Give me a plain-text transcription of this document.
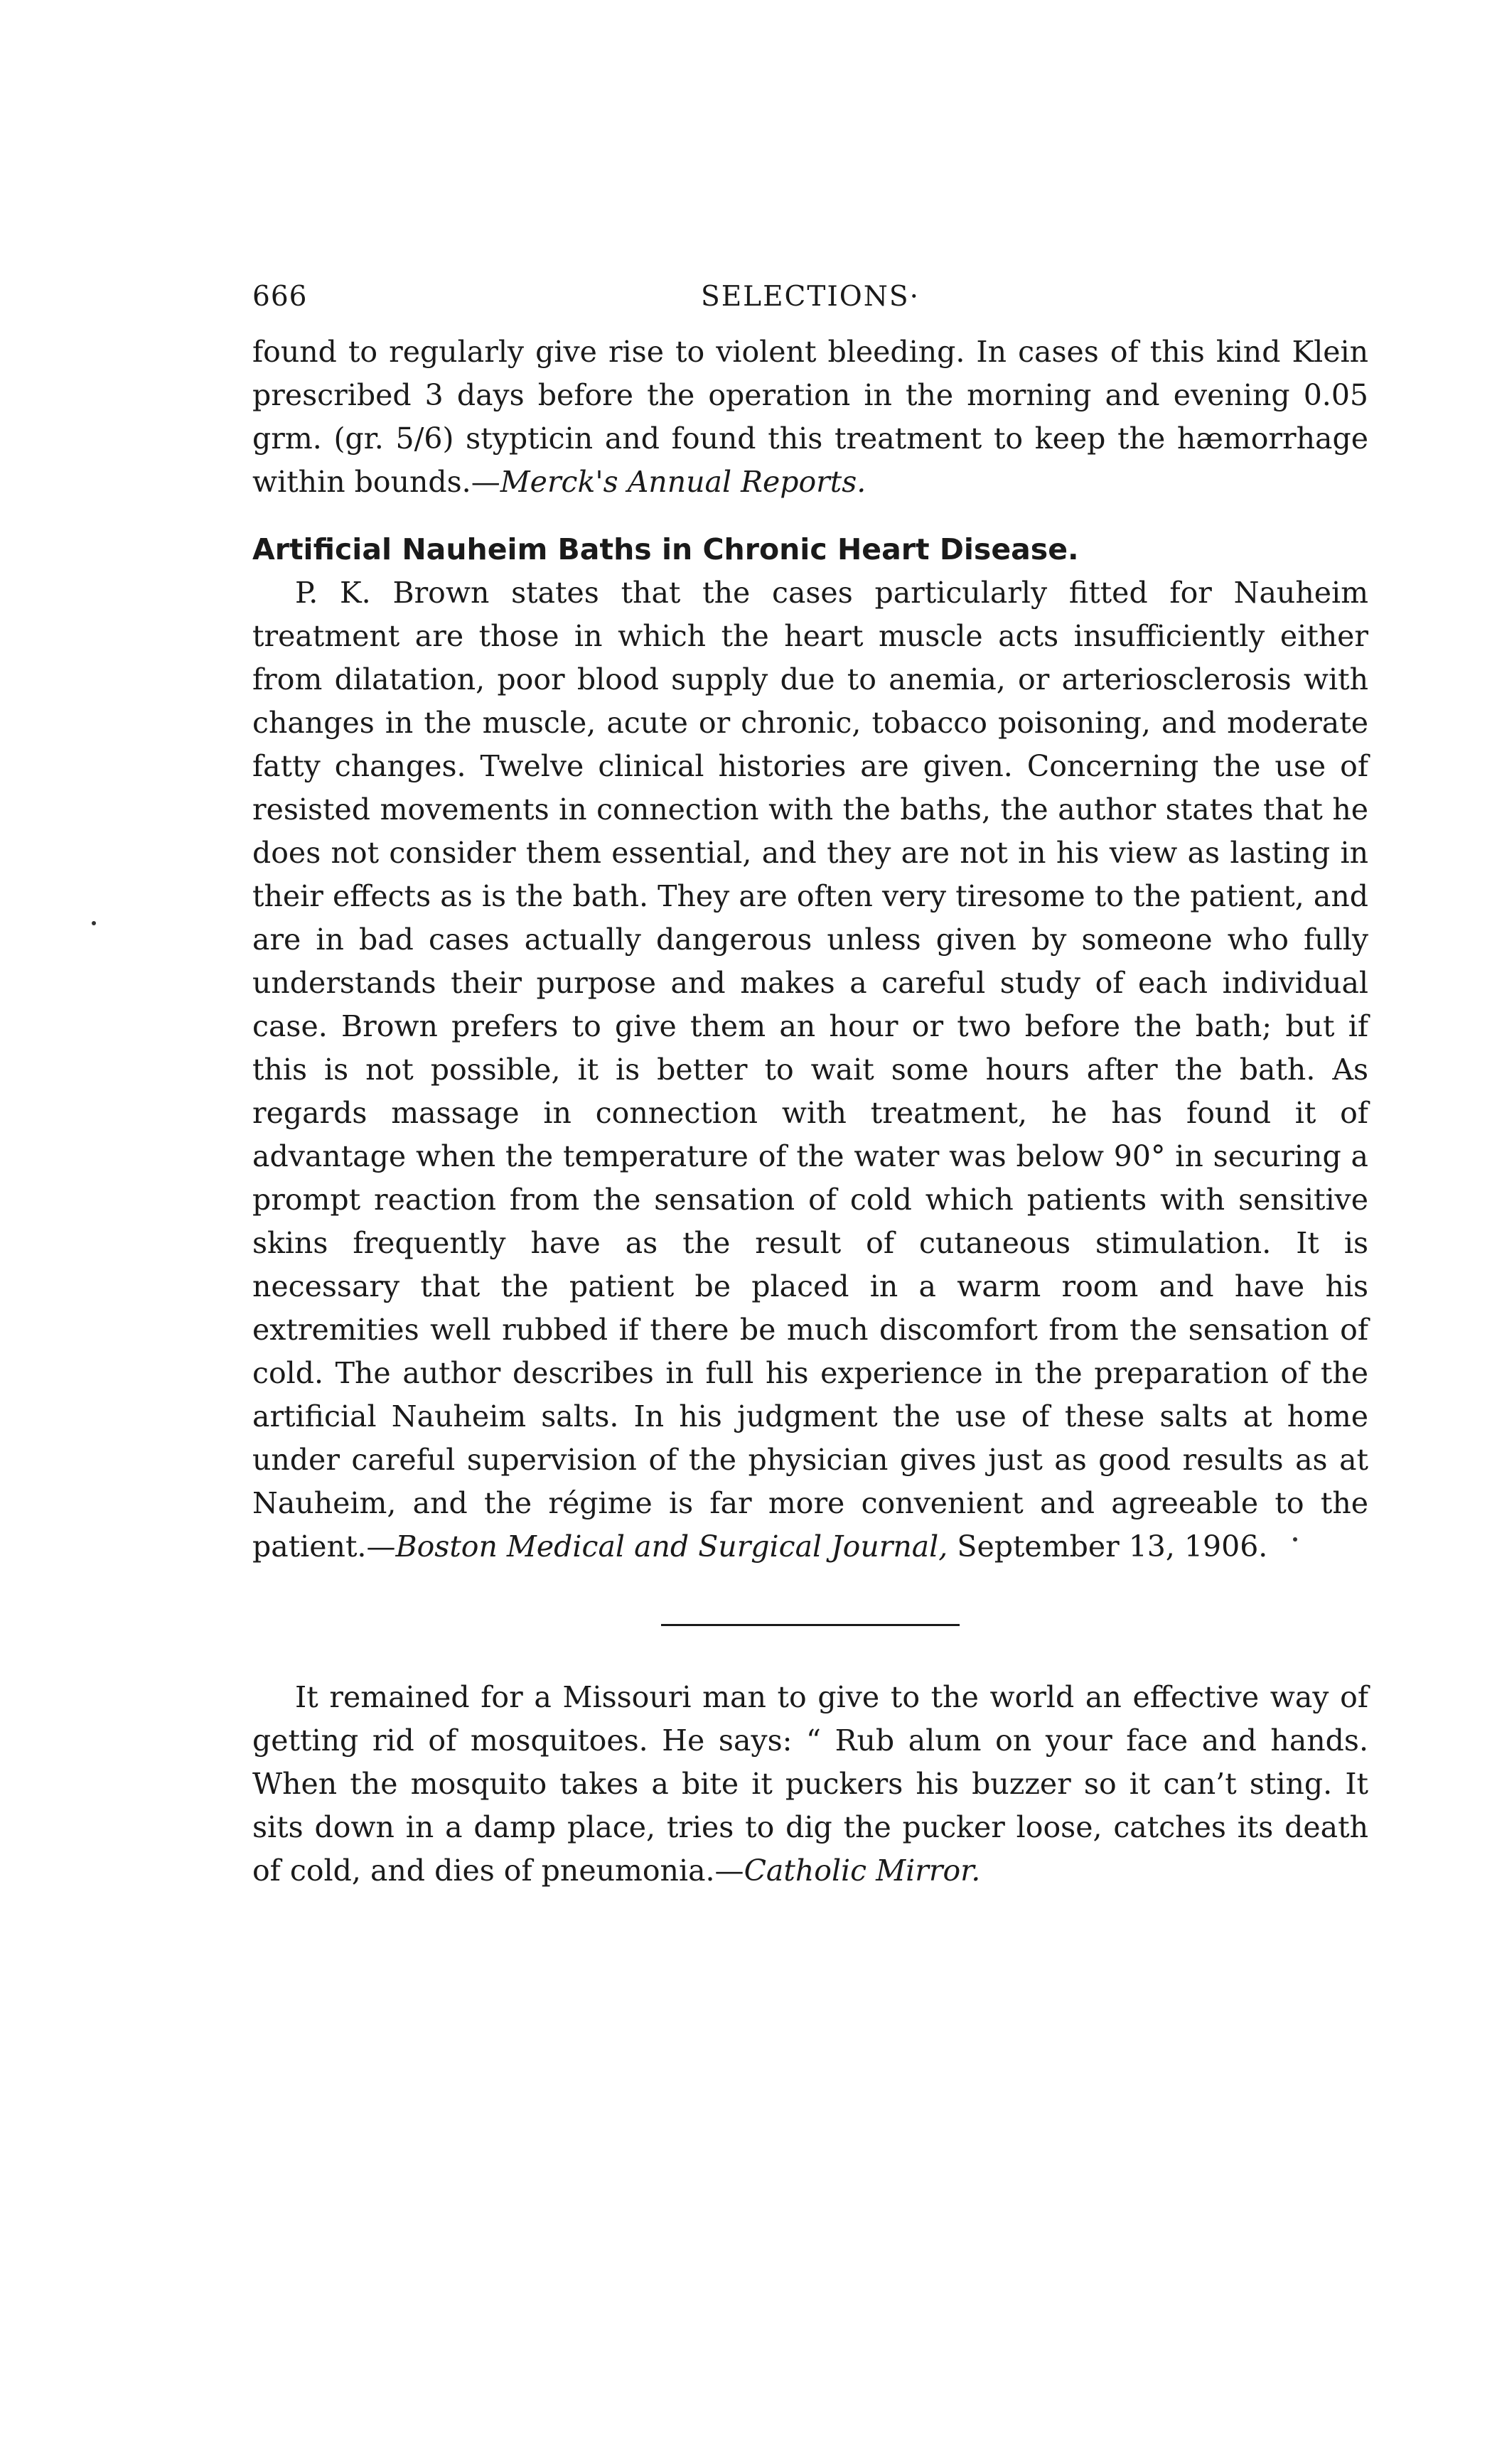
666	SELECTIONS·

found to regularly give rise to violent bleeding. In cases of this kind Klein prescribed 3 days before the operation in the morning and evening 0.05 grm. (gr. 5/6) stypticin and found this treatment to keep the hæmorrhage within bounds.—Merck's Annual Reports.

Artificial Nauheim Baths in Chronic Heart Disease.

P. K. Brown states that the cases particularly fitted for Nauheim treatment are those in which the heart muscle acts insufficiently either from dilatation, poor blood supply due to anemia, or arteriosclerosis with changes in the muscle, acute or chronic, tobacco poisoning, and moderate fatty changes. Twelve clinical histories are given. Concerning the use of resisted movements in connection with the baths, the author states that he does not consider them essential, and they are not in his view as lasting in their effects as is the bath. They are often very tiresome to the patient, and are in bad cases actually dangerous unless given by someone who fully understands their purpose and makes a careful study of each individual case. Brown prefers to give them an hour or two before the bath; but if this is not possible, it is better to wait some hours after the bath. As regards massage in connection with treatment, he has found it of advantage when the temperature of the water was below 90° in securing a prompt reaction from the sensation of cold which patients with sensitive skins frequently have as the result of cutaneous stimulation. It is necessary that the patient be placed in a warm room and have his extremities well rubbed if there be much discomfort from the sensation of cold. The author describes in full his experience in the preparation of the artificial Nauheim salts. In his judgment the use of these salts at home under careful supervision of the physician gives just as good results as at Nauheim, and the régime is far more convenient and agreeable to the patient.—Boston Medical and Surgical Journal, September 13, 1906.

It remained for a Missouri man to give to the world an effective way of getting rid of mosquitoes. He says: “ Rub alum on your face and hands. When the mosquito takes a bite it puckers his buzzer so it can’t sting. It sits down in a damp place, tries to dig the pucker loose, catches its death of cold, and dies of pneumonia.—Catholic Mirror.
